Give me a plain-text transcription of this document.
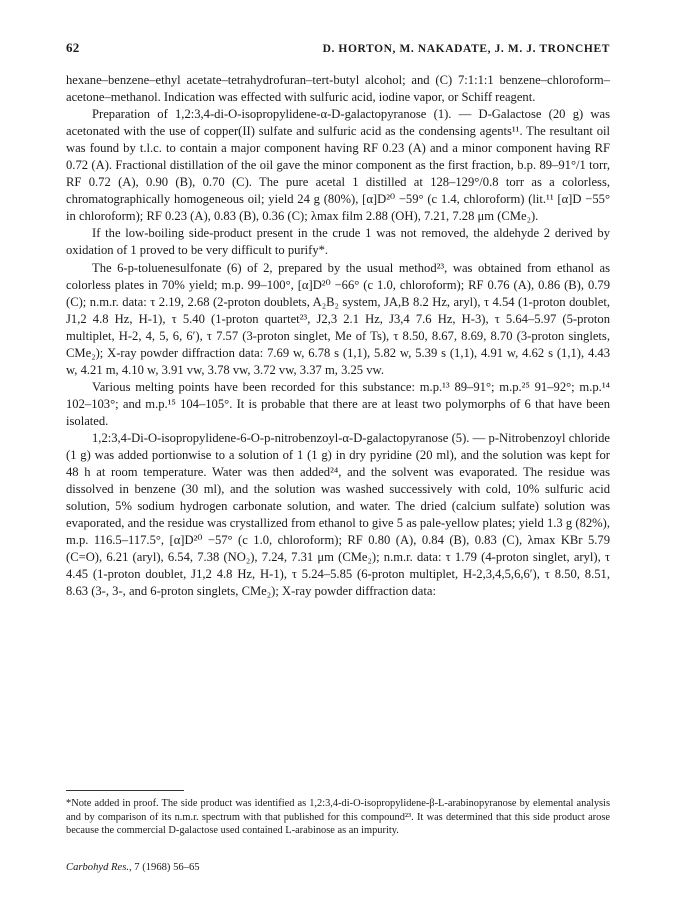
62	D. HORTON, M. NAKADATE, J. M. J. TRONCHET

hexane–benzene–ethyl acetate–tetrahydrofuran–tert-butyl alcohol; and (C) 7:1:1:1 benzene–chloroform–acetone–methanol. Indication was effected with sulfuric acid, iodine vapor, or Schiff reagent.

Preparation of 1,2:3,4-di-O-isopropylidene-α-D-galactopyranose (1). — D-Galactose (20 g) was acetonated with the use of copper(II) sulfate and sulfuric acid as the condensing agents¹¹. The resultant oil was found by t.l.c. to contain a major component having RF 0.23 (A) and a minor component having RF 0.72 (A). Fractional distillation of the oil gave the minor component as the first fraction, b.p. 89–91°/1 torr, RF 0.72 (A), 0.90 (B), 0.70 (C). The pure acetal 1 distilled at 128–129°/0.8 torr as a colorless, chromatographically homogeneous oil; yield 24 g (80%), [α]D²⁰ −59° (c 1.4, chloroform) (lit.¹¹ [α]D −55° in chloroform); RF 0.23 (A), 0.83 (B), 0.36 (C); λmax film 2.88 (OH), 7.21, 7.28 μm (CMe₂).

If the low-boiling side-product present in the crude 1 was not removed, the aldehyde 2 derived by oxidation of 1 proved to be very difficult to purify*.

The 6-p-toluenesulfonate (6) of 2, prepared by the usual method²³, was obtained from ethanol as colorless plates in 70% yield; m.p. 99–100°, [α]D²⁰ −66° (c 1.0, chloroform); RF 0.76 (A), 0.86 (B), 0.79 (C); n.m.r. data: τ 2.19, 2.68 (2-proton doublets, A₂B₂ system, JA,B 8.2 Hz, aryl), τ 4.54 (1-proton doublet, J1,2 4.8 Hz, H-1), τ 5.40 (1-proton quartet²³, J2,3 2.1 Hz, J3,4 7.6 Hz, H-3), τ 5.64–5.97 (5-proton multiplet, H-2, 4, 5, 6, 6′), τ 7.57 (3-proton singlet, Me of Ts), τ 8.50, 8.67, 8.69, 8.70 (3-proton singlets, CMe₂); X-ray powder diffraction data: 7.69 w, 6.78 s (1,1), 5.82 w, 5.39 s (1,1), 4.91 w, 4.62 s (1,1), 4.43 w, 4.21 m, 4.10 w, 3.91 vw, 3.78 vw, 3.72 vw, 3.37 m, 3.25 vw.

Various melting points have been recorded for this substance: m.p.¹³ 89–91°; m.p.²⁵ 91–92°; m.p.¹⁴ 102–103°; and m.p.¹⁵ 104–105°. It is probable that there are at least two polymorphs of 6 that have been isolated.

1,2:3,4-Di-O-isopropylidene-6-O-p-nitrobenzoyl-α-D-galactopyranose (5). — p-Nitrobenzoyl chloride (1 g) was added portionwise to a solution of 1 (1 g) in dry pyridine (20 ml), and the solution was kept for 48 h at room temperature. Water was then added²⁴, and the solvent was evaporated. The residue was dissolved in benzene (30 ml), and the solution was washed successively with cold, 10% sulfuric acid solution, 5% sodium hydrogen carbonate solution, and water. The dried (calcium sulfate) solution was evaporated, and the residue was crystallized from ethanol to give 5 as pale-yellow plates; yield 1.3 g (82%), m.p. 116.5–117.5°, [α]D²⁰ −57° (c 1.0, chloroform); RF 0.80 (A), 0.84 (B), 0.83 (C), λmax KBr 5.79 (C=O), 6.21 (aryl), 6.54, 7.38 (NO₂), 7.24, 7.31 μm (CMe₂); n.m.r. data: τ 1.79 (4-proton singlet, aryl), τ 4.45 (1-proton doublet, J1,2 4.8 Hz, H-1), τ 5.24–5.85 (6-proton multiplet, H-2,3,4,5,6,6′), τ 8.50, 8.51, 8.63 (3-, 3-, and 6-proton singlets, CMe₂); X-ray powder diffraction data:

*Note added in proof. The side product was identified as 1,2:3,4-di-O-isopropylidene-β-L-arabinopyranose by elemental analysis and by comparison of its n.m.r. spectrum with that published for this compound²³. It was determined that this side product arose because the commercial D-galactose used contained L-arabinose as an impurity.
Carbohyd Res., 7 (1968) 56–65
